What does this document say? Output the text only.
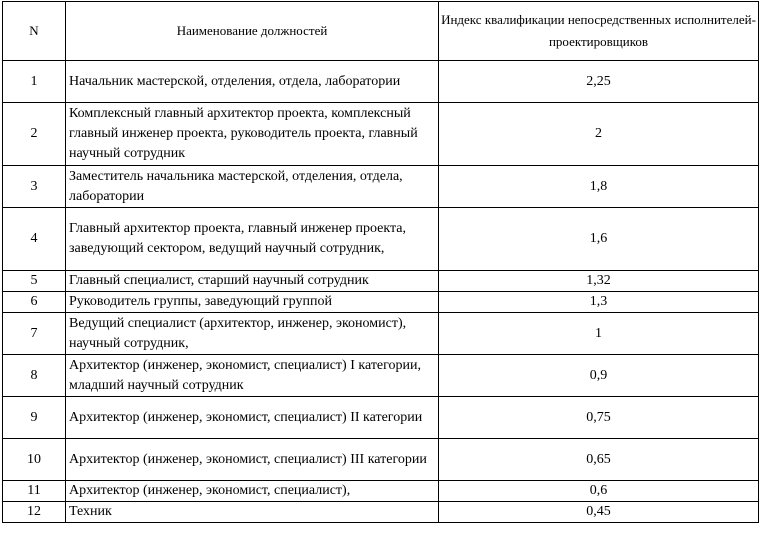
N	Наименование должностей	Индекс квалификации непосредственных исполнителей-проектировщиков
1	Начальник мастерской, отделения, отдела, лаборатории	2,25
2	Комплексный главный архитектор проекта, комплексный главный инженер проекта, руководитель проекта, главный научный сотрудник	2
3	Заместитель начальника мастерской, отделения, отдела, лаборатории	1,8
4	Главный архитектор проекта, главный инженер проекта, заведующий сектором, ведущий научный сотрудник,	1,6
5	Главный специалист, старший научный сотрудник	1,32
6	Руководитель группы, заведующий группой	1,3
7	Ведущий специалист (архитектор, инженер, экономист), научный сотрудник,	1
8	Архитектор (инженер, экономист, специалист) I категории, младший научный сотрудник	0,9
9	Архитектор (инженер, экономист, специалист) II категории	0,75
10	Архитектор (инженер, экономист, специалист) III категории	0,65
11	Архитектор (инженер, экономист, специалист),	0,6
12	Техник	0,45
